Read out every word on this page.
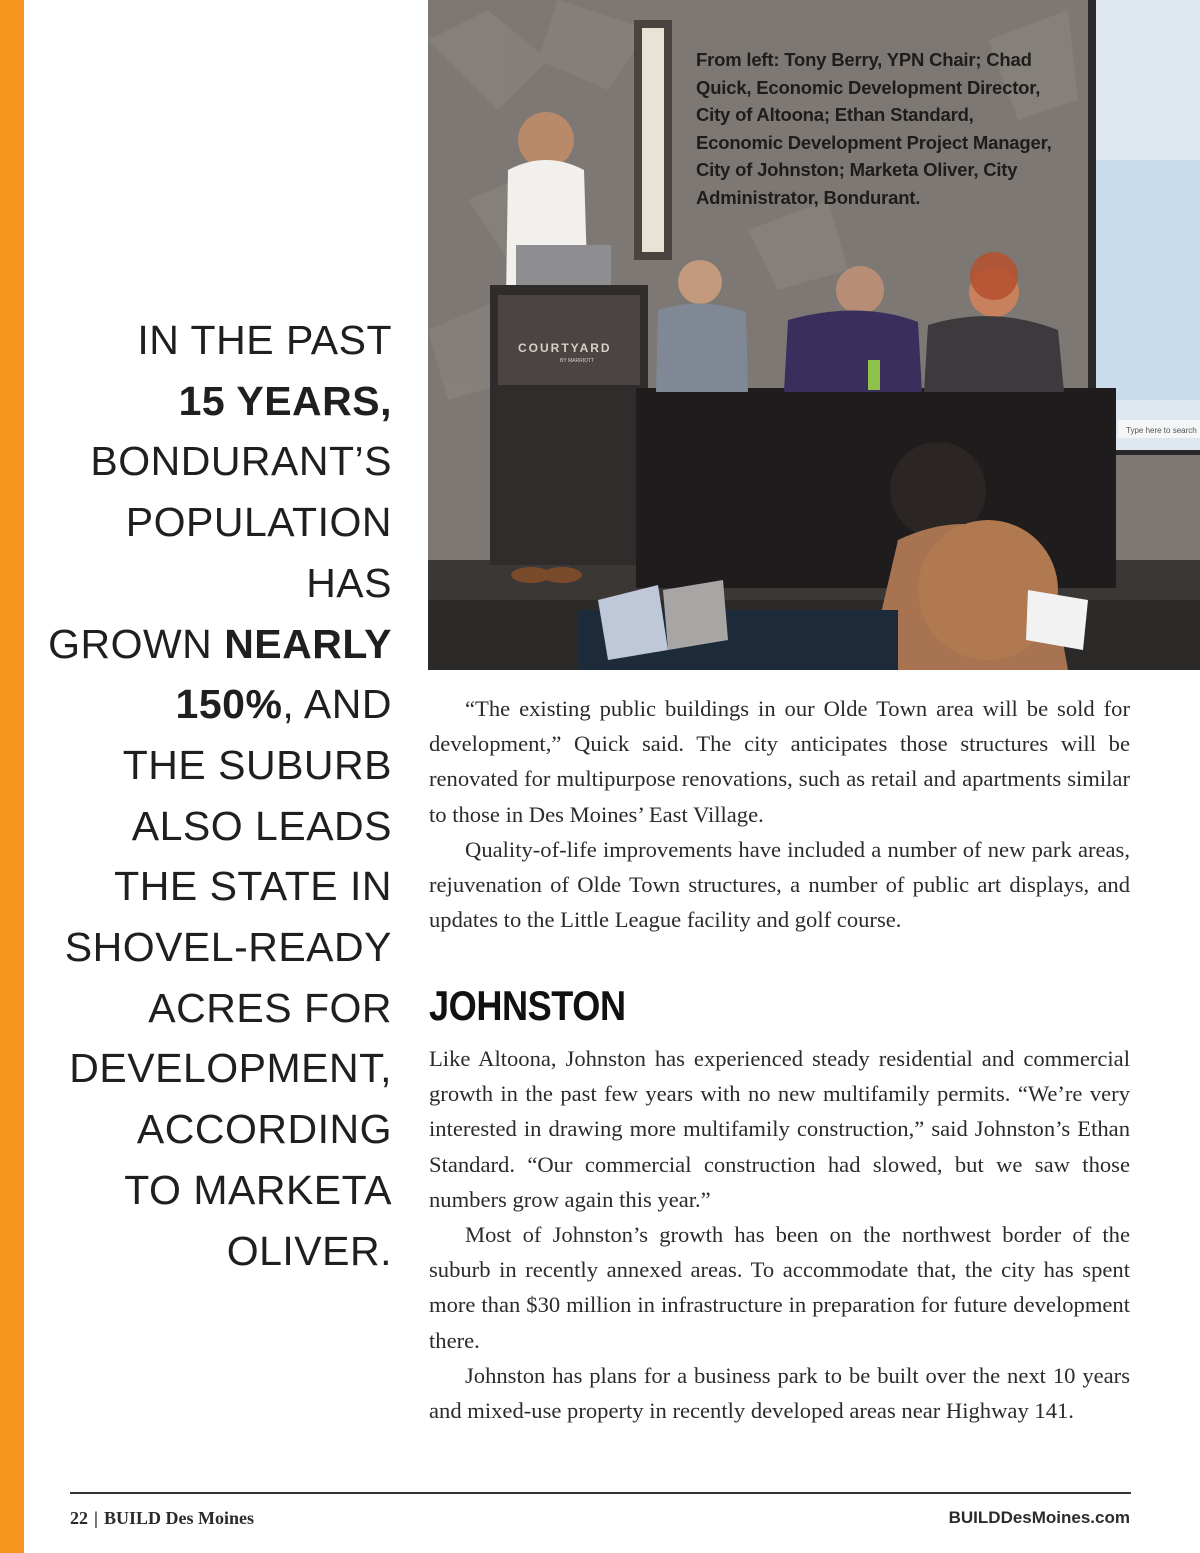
Type here to search
COURTYARD
BY MARRIOTT
From left: Tony Berry, YPN Chair; Chad Quick, Economic Development Director, City of Altoona; Ethan Standard, Economic Development Project Manager, City of Johnston; Marketa Oliver, City Administrator, Bondurant.
IN THE PAST
15 YEARS,
BONDURANT’S
POPULATION HAS
GROWN NEARLY
150%, AND
THE SUBURB
ALSO LEADS
THE STATE IN
SHOVEL-READY
ACRES FOR
DEVELOPMENT,
ACCORDING
TO MARKETA
OLIVER.

“The existing public buildings in our Olde Town area will be sold for development,” Quick said. The city anticipates those structures will be renovated for multipurpose renovations, such as retail and apartments similar to those in Des Moines’ East Village.

Quality-of-life improvements have included a number of new park areas, rejuvenation of Olde Town structures, a number of public art displays, and updates to the Little League facility and golf course.

JOHNSTON

Like Altoona, Johnston has experienced steady residential and commercial growth in the past few years with no new multifamily permits. “We’re very interested in drawing more multifamily construction,” said Johnston’s Ethan Standard. “Our commercial construction had slowed, but we saw those numbers grow again this year.”

Most of Johnston’s growth has been on the northwest border of the suburb in recently annexed areas. To accommodate that, the city has spent more than $30 million in infrastructure in preparation for future development there.

Johnston has plans for a business park to be built over the next 10 years and mixed-use property in recently developed areas near Highway 141.

22 | BUILD Des Moines	BUILDDesMoines.com
